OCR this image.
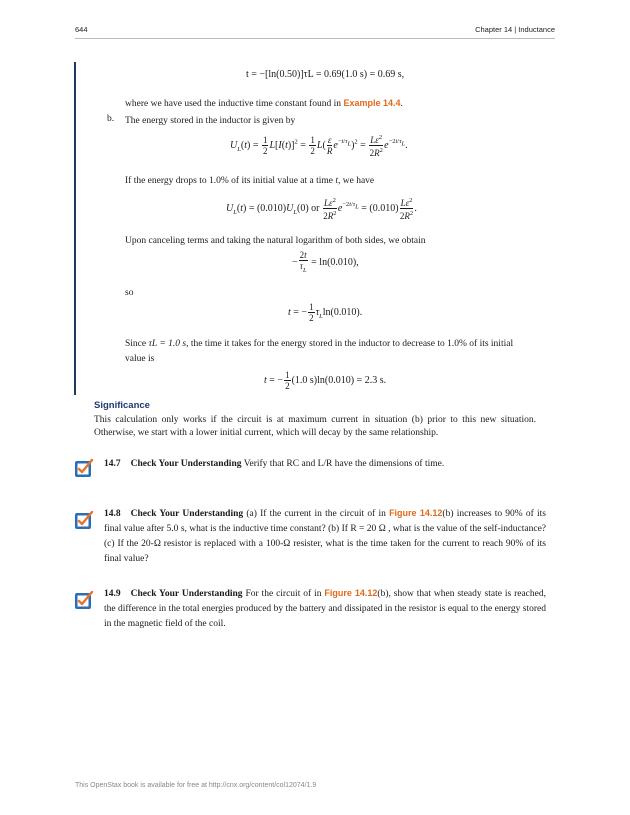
644	Chapter 14 | Inductance
t = −[ln(0.50)]τL = 0.69(1.0 s) = 0.69 s,
where we have used the inductive time constant found in Example 14.4.
b. The energy stored in the inductor is given by
$U_L(t) = \frac{1}{2} L[I(t)]^2 = \frac{1}{2} L( \frac{\varepsilon}{R} e^{-t/\tau_L})^2 = \frac{L\varepsilon^2}{2R^2} e^{-2t/\tau_L}$.
If the energy drops to 1.0% of its initial value at a time t, we have
$U_L(t) = (0.010)U_L(0)$ or $\frac{L\varepsilon^2}{2R^2} e^{-2t/\tau_L} = (0.010) \frac{L\varepsilon^2}{2R^2}$ .
Upon canceling terms and taking the natural logarithm of both sides, we obtain
− $\frac{2t}{\tau_L} = \ln(0.010)$,
so
t = − $\frac{1}{2} \tau_L\ln(0.010)$.
Since τL = 1.0 s, the time it takes for the energy stored in the inductor to decrease to 1.0% of its initial
value is
t = − $\frac{1}{2} (1.0$ s)ln(0.010) = 2.3 s.
Significance
This calculation only works if the circuit is at maximum current in situation (b) prior to this new situation. Otherwise, we start with a lower initial current, which will decay by the same relationship.
14.7 Check Your Understanding Verify that RC and L/R have the dimensions of time.
14.8 Check Your Understanding (a) If the current in the circuit of in Figure 14.12(b) increases to 90% of its final value after 5.0 s, what is the inductive time constant? (b) If R = 20 Ω , what is the value of the self-inductance? (c) If the 20-Ω resistor is replaced with a 100-Ω resister, what is the time taken for the current to reach 90% of its final value?
14.9 Check Your Understanding For the circuit of in Figure 14.12(b), show that when steady state is reached, the difference in the total energies produced by the battery and dissipated in the resistor is equal to the energy stored in the magnetic field of the coil.
This OpenStax book is available for free at http://cnx.org/content/col12074/1.9
